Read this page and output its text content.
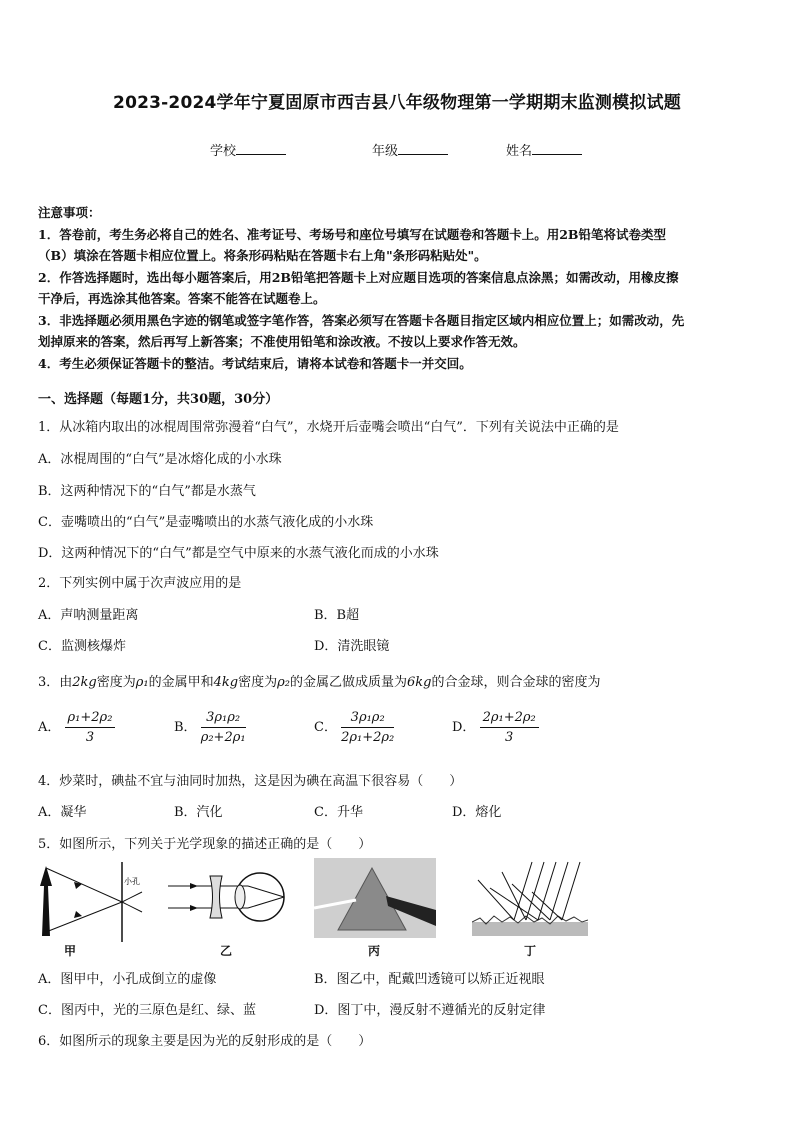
2023-2024学年宁夏固原市西吉县八年级物理第一学期期末监测模拟试题
学校	年级	姓名

注意事项：

1．答卷前，考生务必将自己的姓名、准考证号、考场号和座位号填写在试题卷和答题卡上。用2B铅笔将试卷类型

（B）填涂在答题卡相应位置上。将条形码粘贴在答题卡右上角"条形码粘贴处"。

2．作答选择题时，选出每小题答案后，用2B铅笔把答题卡上对应题目选项的答案信息点涂黑；如需改动，用橡皮擦

干净后，再选涂其他答案。答案不能答在试题卷上。

3．非选择题必须用黑色字迹的钢笔或签字笔作答，答案必须写在答题卡各题目指定区域内相应位置上；如需改动，先

划掉原来的答案，然后再写上新答案；不准使用铅笔和涂改液。不按以上要求作答无效。

4．考生必须保证答题卡的整洁。考试结束后，请将本试卷和答题卡一并交回。

一、选择题（每题1分，共30题，30分）
1．从冰箱内取出的冰棍周围常弥漫着“白气”，水烧开后壶嘴会喷出“白气”．下列有关说法中正确的是
A．冰棍周围的“白气”是冰熔化成的小水珠
B．这两种情况下的“白气”都是水蒸气
C．壶嘴喷出的“白气”是壶嘴喷出的水蒸气液化成的小水珠
D．这两种情况下的“白气”都是空气中原来的水蒸气液化而成的小水珠
2．下列实例中属于次声波应用的是
A．声呐测量距离	B．B超
C．监测核爆炸	D．清洗眼镜
3．由2kg密度为ρ₁的金属甲和4kg密度为ρ₂的金属乙做成质量为6kg的合金球，则合金球的密度为
A． $\frac{\text{ρ₁+2ρ₂}}{3}$	B． $\frac{\text{3ρ₁ρ₂}}{\text{ρ₂+2ρ₁}}$	C． $\frac{\text{3ρ₁ρ₂}}{\text{2ρ₁+2ρ₂}}$	D． $\frac{\text{2ρ₁+2ρ₂}}{3}$
4．炒菜时，碘盐不宜与油同时加热，这是因为碘在高温下很容易（　　）
A．凝华	B．汽化	C．升华	D．熔化
5．如图所示，下列关于光学现象的描述正确的是（　　）
小孔
甲	乙	丙	丁
A．图甲中，小孔成倒立的虚像	B．图乙中，配戴凹透镜可以矫正近视眼
C．图丙中，光的三原色是红、绿、蓝	D．图丁中，漫反射不遵循光的反射定律
6．如图所示的现象主要是因为光的反射形成的是（　　）
